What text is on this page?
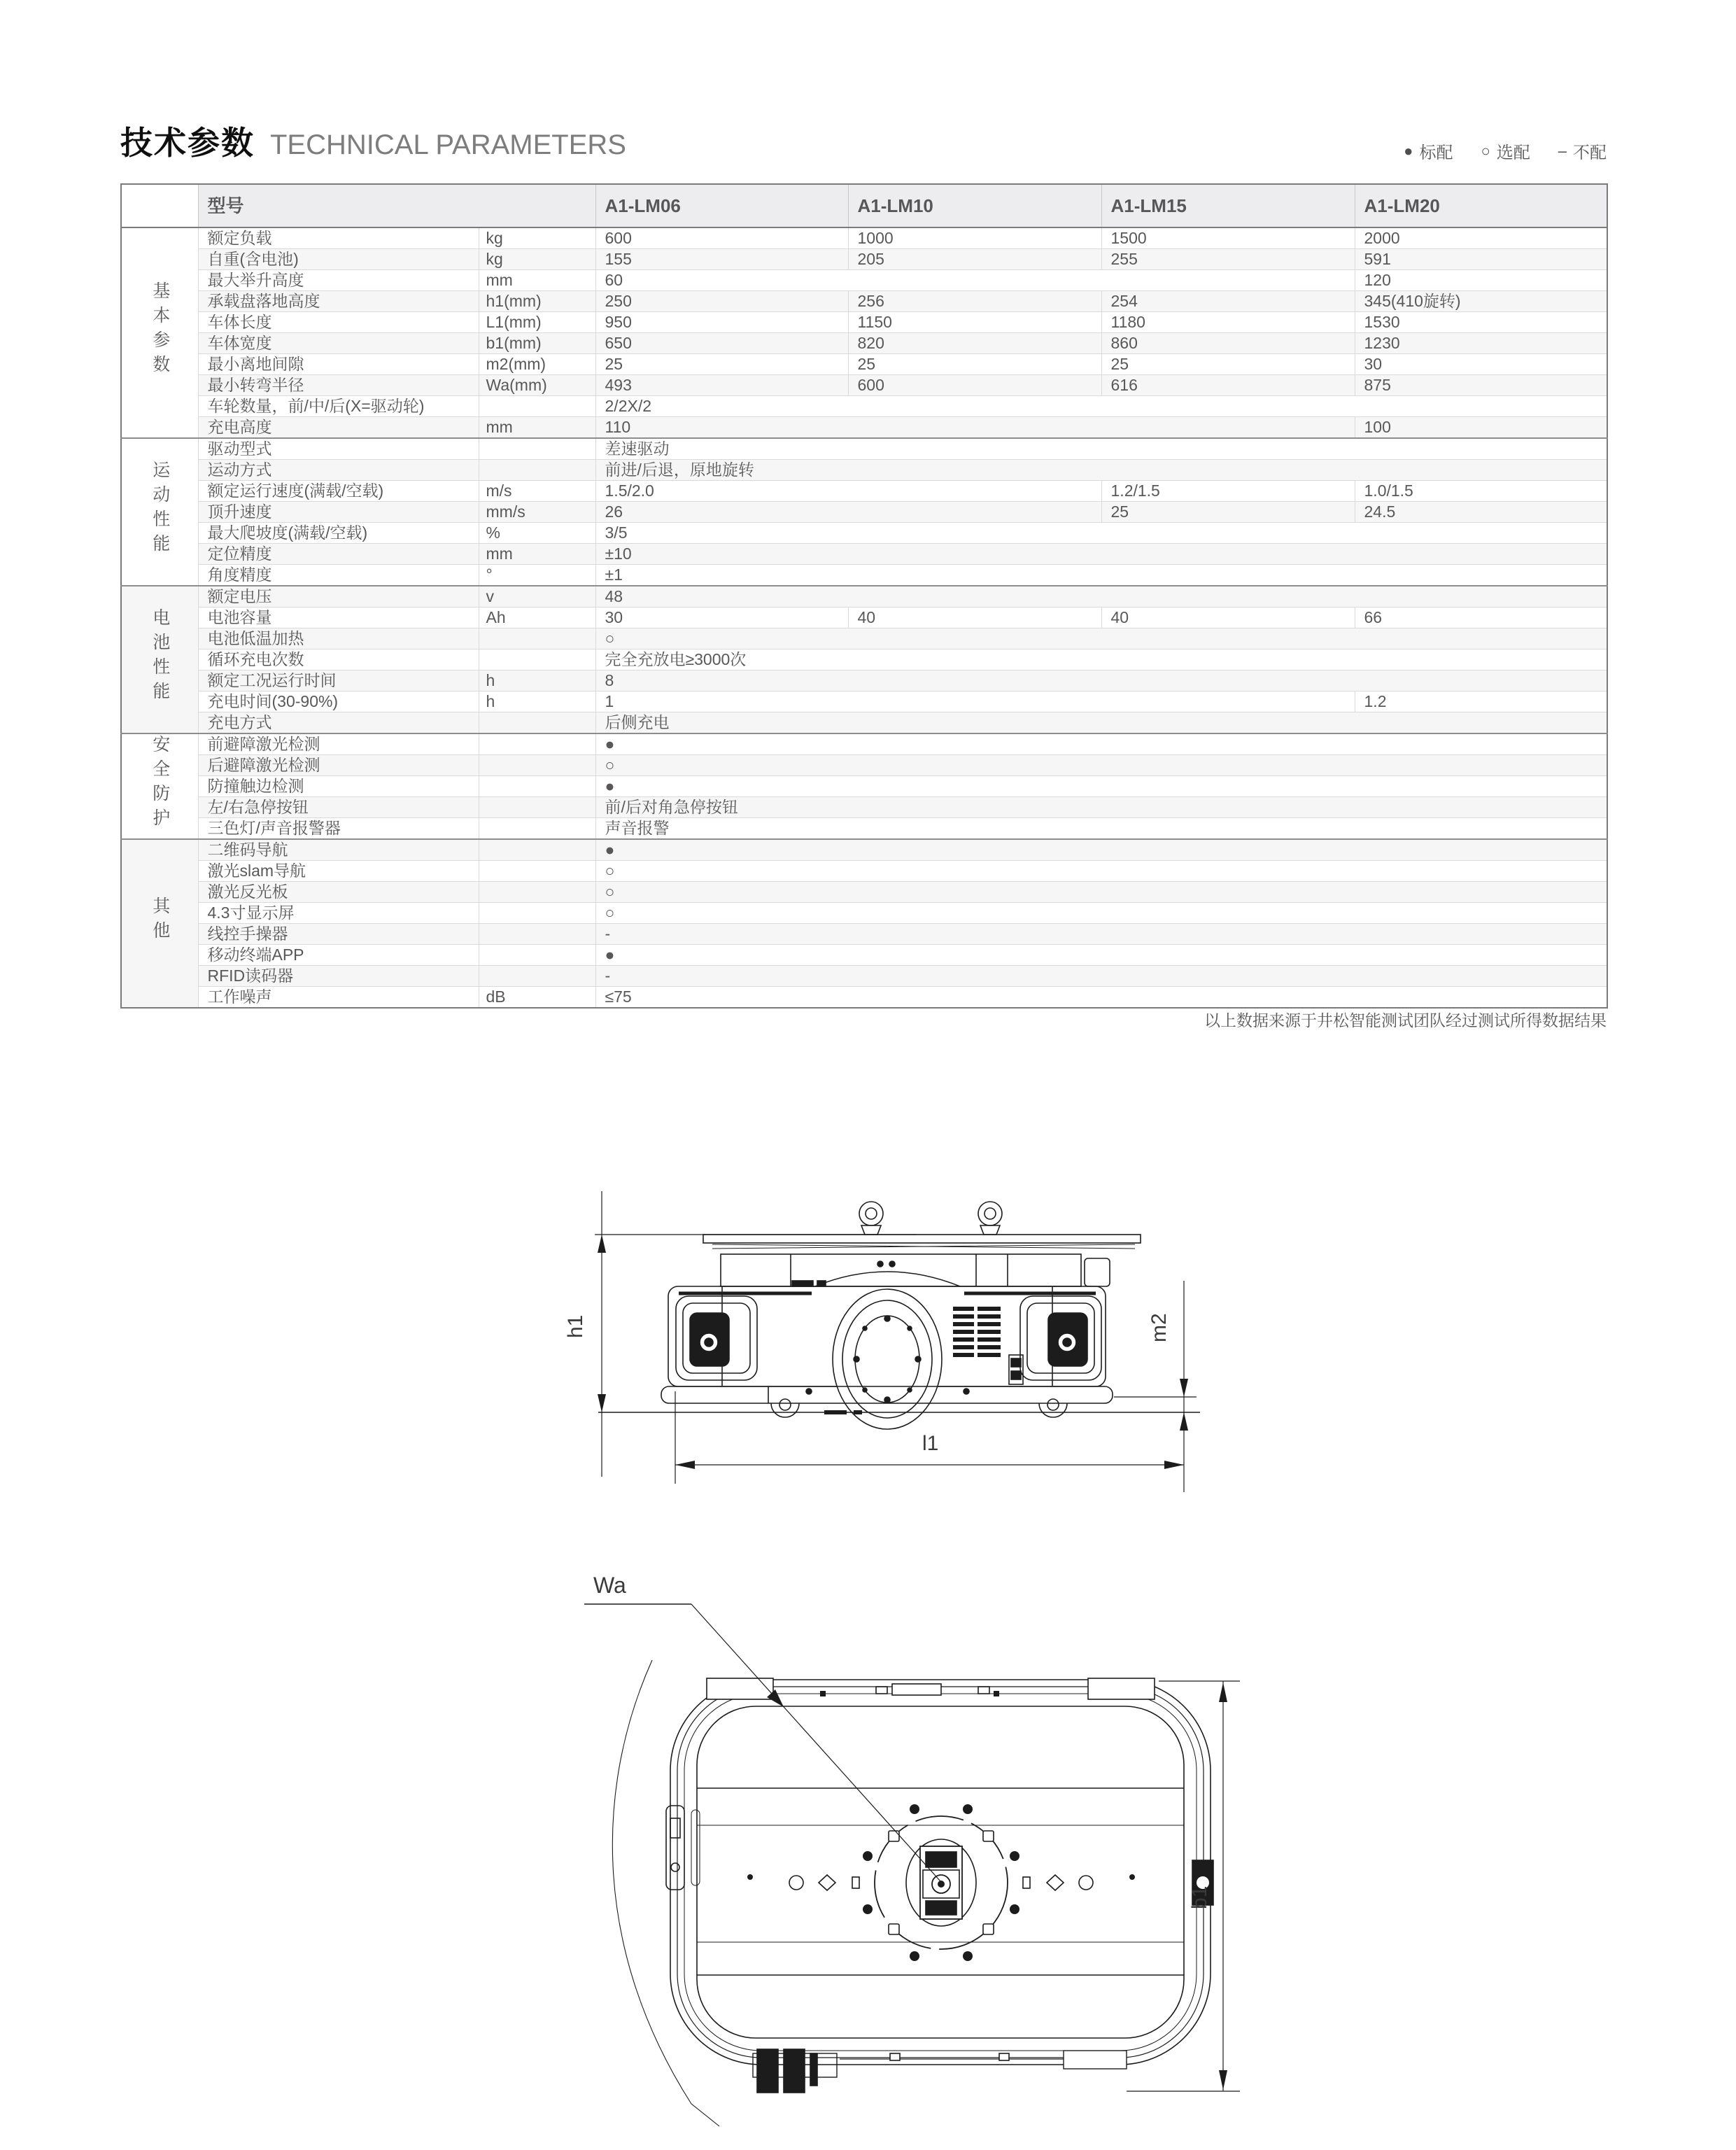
技术参数 TECHNICAL PARAMETERS	● 标配 ○ 选配 – 不配
	型号		A1-LM06	A1-LM10	A1-LM15	A1-LM20
基本参数	额定负载	kg	600	1000	1500	2000
	自重(含电池)	kg	155	205	255	591
	最大举升高度	mm	60			120
	承载盘落地高度	h1(mm)	250	256	254	345(410旋转)
	车体长度	L1(mm)	950	1150	1180	1530
	车体宽度	b1(mm)	650	820	860	1230
	最小离地间隙	m2(mm)	25	25	25	30
	最小转弯半径	Wa(mm)	493	600	616	875
	车轮数量，前/中/后(X=驱动轮)		2/2X/2			
	充电高度	mm	110			100
运动性能	驱动型式		差速驱动			
	运动方式		前进/后退，原地旋转			
	额定运行速度(满载/空载)	m/s	1.5/2.0		1.2/1.5	1.0/1.5
	顶升速度	mm/s	26		25	24.5
	最大爬坡度(满载/空载)	%	3/5			
	定位精度	mm	±10			
	角度精度	°	±1			
电池性能	额定电压	v	48			
	电池容量	Ah	30	40	40	66
	电池低温加热		○			
	循环充电次数		完全充放电≥3000次			
	额定工况运行时间	h	8			
	充电时间(30-90%)	h	1			1.2
	充电方式		后侧充电			
安全防护	前避障激光检测		●			
	后避障激光检测		○			
	防撞触边检测		●			
	左/右急停按钮		前/后对角急停按钮			
	三色灯/声音报警器		声音报警			
其他	二维码导航		●			
	激光slam导航		○			
	激光反光板		○			
	4.3寸显示屏		○			
	线控手操器		-			
	移动终端APP		●			
	RFID读码器		-			
	工作噪声	dB	≤75			
以上数据来源于井松智能测试团队经过测试所得数据结果
h1	m2
l1
Wa
b1
